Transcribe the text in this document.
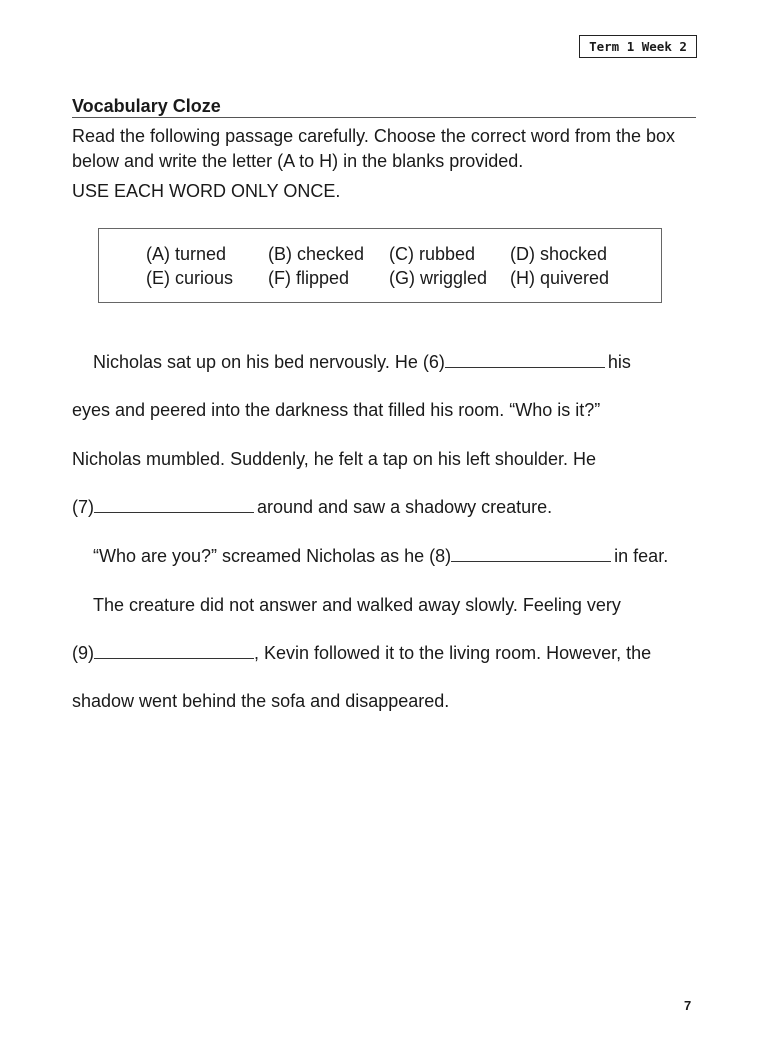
Term 1 Week 2
Vocabulary Cloze
Read the following passage carefully. Choose the correct word from the box below and write the letter (A to H) in the blanks provided.
USE EACH WORD ONLY ONCE.
(A) turned	(B) checked	(C) rubbed	(D) shocked
(E) curious	(F) flipped	(G) wriggled	(H) quivered
Nicholas sat up on his bed nervously. He (6)	his
eyes and peered into the darkness that filled his room. “Who is it?”
Nicholas mumbled. Suddenly, he felt a tap on his left shoulder. He
(7)	around and saw a shadowy creature.
“Who are you?” screamed Nicholas as he (8)	in fear.
The creature did not answer and walked away slowly. Feeling very
(9)	, Kevin followed it to the living room. However, the
shadow went behind the sofa and disappeared.
7
